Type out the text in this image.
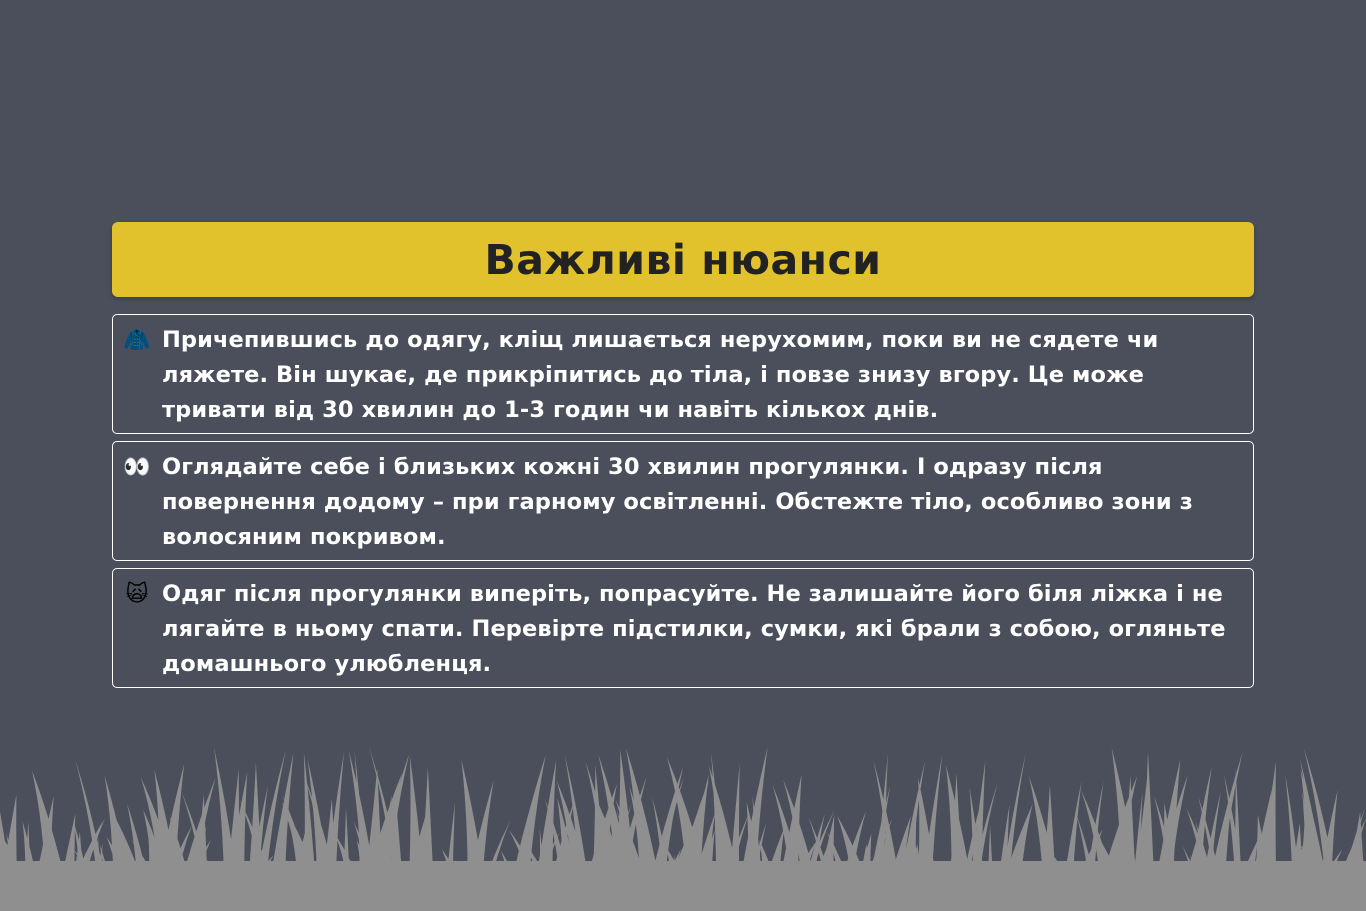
Важливі нюанси
🧥 Причепившись до одягу, кліщ лишається нерухомим, поки ви не сядете чи ляжете. Він шукає, де прикріпитись до тіла, і повзе знизу вгору. Це може тривати від 30 хвилин до 1-3 годин чи навіть кількох днів.
👀 Оглядайте себе і близьких кожні 30 хвилин прогулянки. І одразу після повернення додому – при гарному освітленні. Обстежте тіло, особливо зони з волосяним покривом.
🙀 Одяг після прогулянки виперіть, попрасуйте. Не залишайте його біля ліжка і не лягайте в ньому спати. Перевірте підстилки, сумки, які брали з собою, огляньте домашнього улюбленця.
